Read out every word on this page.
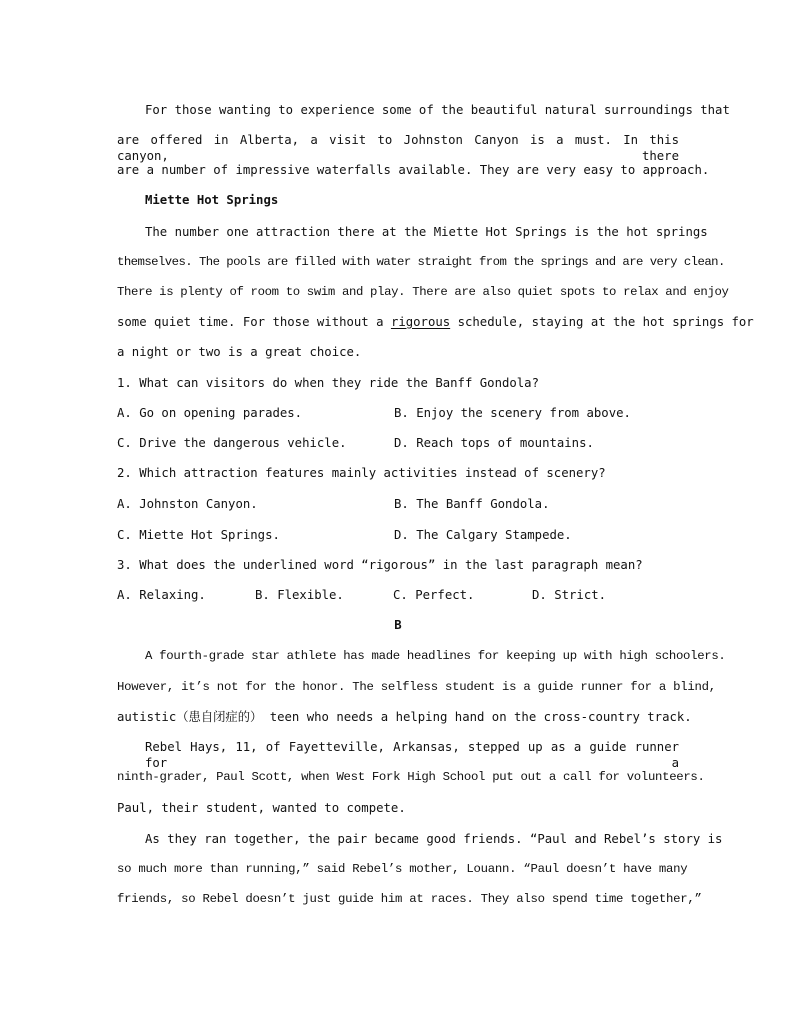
For those wanting to experience some of the beautiful natural surroundings that
are offered in Alberta, a visit to Johnston Canyon is a must. In this canyon, there
are a number of impressive waterfalls available. They are very easy to approach.
Miette Hot Springs
The number one attraction there at the Miette Hot Springs is the hot springs
themselves. The pools are filled with water straight from the springs and are very clean.
There is plenty of room to swim and play. There are also quiet spots to relax and enjoy
some quiet time. For those without a rigorous schedule, staying at the hot springs for
a night or two is a great choice.
1. What can visitors do when they ride the Banff Gondola?
A. Go on opening parades.	B. Enjoy the scenery from above.
C. Drive the dangerous vehicle.	D. Reach tops of mountains.
2. Which attraction features mainly activities instead of scenery?
A. Johnston Canyon.	B. The Banff Gondola.
C. Miette Hot Springs.	D. The Calgary Stampede.
3. What does the underlined word “rigorous” in the last paragraph mean?
A. Relaxing.	B. Flexible.	C. Perfect.	D. Strict.
B
A fourth-grade star athlete has made headlines for keeping up with high schoolers.
However, it’s not for the honor. The selfless student is a guide runner for a blind,
autistic（患自闭症的） teen who needs a helping hand on the cross-country track.
Rebel Hays, 11, of Fayetteville, Arkansas, stepped up as a guide runner for a
ninth-grader, Paul Scott, when West Fork High School put out a call for volunteers.
Paul, their student, wanted to compete.
As they ran together, the pair became good friends. “Paul and Rebel’s story is
so much more than running,” said Rebel’s mother, Louann. “Paul doesn’t have many
friends, so Rebel doesn’t just guide him at races. They also spend time together,”
